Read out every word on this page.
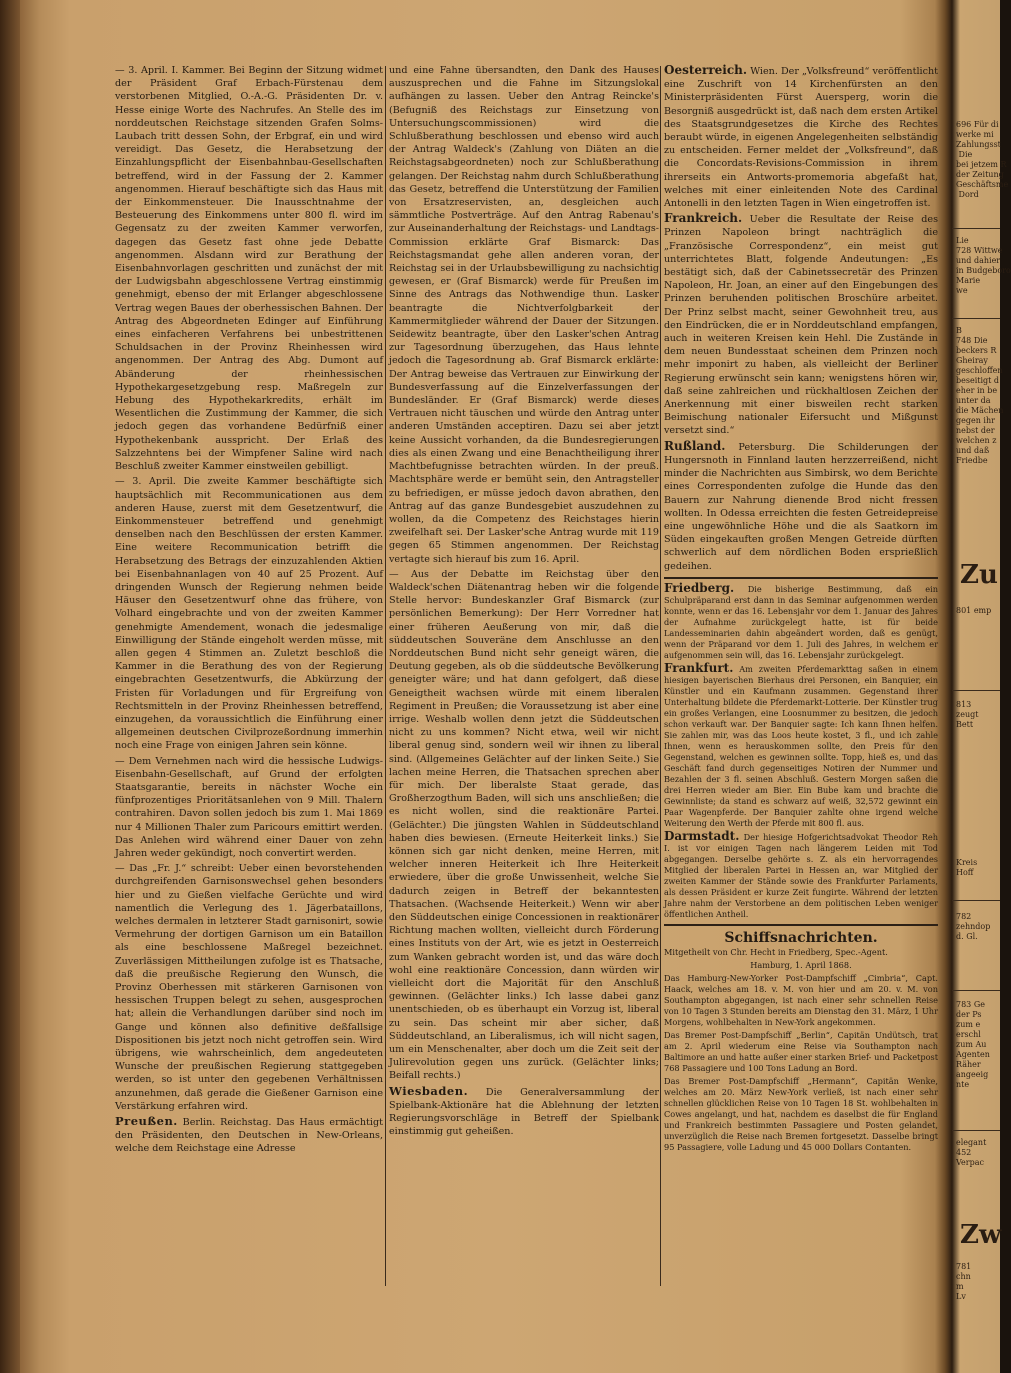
— 3. April. I. Kammer. Bei Beginn der Sitzung widmet der Präsident Graf Erbach-Fürstenau dem verstorbenen Mitglied, O.-A.-G. Präsidenten Dr. v. Hesse einige Worte des Nachrufes. An Stelle des im norddeutschen Reichstage sitzenden Grafen Solms-Laubach tritt dessen Sohn, der Erbgraf, ein und wird vereidigt. Das Gesetz, die Herabsetzung der Einzahlungspflicht der Eisenbahnbau-Gesellschaften betreffend, wird in der Fassung der 2. Kammer angenommen. Hierauf beschäftigte sich das Haus mit der Einkommensteuer. Die Inausschtnahme der Besteuerung des Einkommens unter 800 fl. wird im Gegensatz zu der zweiten Kammer verworfen, dagegen das Gesetz fast ohne jede Debatte angenommen. Alsdann wird zur Berathung der Eisenbahnvorlagen geschritten und zunächst der mit der Ludwigsbahn abgeschlossene Vertrag einstimmig genehmigt, ebenso der mit Erlanger abgeschlossene Vertrag wegen Baues der oberhessischen Bahnen. Der Antrag des Abgeordneten Edinger auf Einführung eines einfacheren Verfahrens bei unbestrittenen Schuldsachen in der Provinz Rheinhessen wird angenommen. Der Antrag des Abg. Dumont auf Abänderung der rheinhessischen Hypothekargesetzgebung resp. Maßregeln zur Hebung des Hypothekarkredits, erhält im Wesentlichen die Zustimmung der Kammer, die sich jedoch gegen das vorhandene Bedürfniß einer Hypothekenbank ausspricht. Der Erlaß des Salzzehntens bei der Wimpfener Saline wird nach Beschluß zweiter Kammer einstweilen gebilligt.

— 3. April. Die zweite Kammer beschäftigte sich hauptsächlich mit Recommunicationen aus dem anderen Hause, zuerst mit dem Gesetzentwurf, die Einkommensteuer betreffend und genehmigt denselben nach den Beschlüssen der ersten Kammer. Eine weitere Recommunication betrifft die Herabsetzung des Betrags der einzuzahlenden Aktien bei Eisenbahnanlagen von 40 auf 25 Prozent. Auf dringenden Wunsch der Regierung nehmen beide Häuser den Gesetzentwurf ohne das frühere, von Volhard eingebrachte und von der zweiten Kammer genehmigte Amendement, wonach die jedesmalige Einwilligung der Stände eingeholt werden müsse, mit allen gegen 4 Stimmen an. Zuletzt beschloß die Kammer in die Berathung des von der Regierung eingebrachten Gesetzentwurfs, die Abkürzung der Fristen für Vorladungen und für Ergreifung von Rechtsmitteln in der Provinz Rheinhessen betreffend, einzugehen, da voraussichtlich die Einführung einer allgemeinen deutschen Civilprozeßordnung immerhin noch eine Frage von einigen Jahren sein könne.

— Dem Vernehmen nach wird die hessische Ludwigs-Eisenbahn-Gesellschaft, auf Grund der erfolgten Staatsgarantie, bereits in nächster Woche ein fünfprozentiges Prioritätsanlehen von 9 Mill. Thalern contrahiren. Davon sollen jedoch bis zum 1. Mai 1869 nur 4 Millionen Thaler zum Paricours emittirt werden. Das Anlehen wird während einer Dauer von zehn Jahren weder gekündigt, noch convertirt werden.

— Das „Fr. J.“ schreibt: Ueber einen bevorstehenden durchgreifenden Garnisonswechsel gehen besonders hier und zu Gießen vielfache Gerüchte und wird namentlich die Verlegung des 1. Jägerbataillons, welches dermalen in letzterer Stadt garnisonirt, sowie Vermehrung der dortigen Garnison um ein Bataillon als eine beschlossene Maßregel bezeichnet. Zuverlässigen Mittheilungen zufolge ist es Thatsache, daß die preußische Regierung den Wunsch, die Provinz Oberhessen mit stärkeren Garnisonen von hessischen Truppen belegt zu sehen, ausgesprochen hat; allein die Verhandlungen darüber sind noch im Gange und können also definitive deßfallsige Dispositionen bis jetzt noch nicht getroffen sein. Wird übrigens, wie wahrscheinlich, dem angedeuteten Wunsche der preußischen Regierung stattgegeben werden, so ist unter den gegebenen Verhältnissen anzunehmen, daß gerade die Gießener Garnison eine Verstärkung erfahren wird.

Preußen. Berlin. Reichstag. Das Haus ermächtigt den Präsidenten, den Deutschen in New-Orleans, welche dem Reichstage eine Adresse

und eine Fahne übersandten, den Dank des Hauses auszusprechen und die Fahne im Sitzungslokal aufhängen zu lassen. Ueber den Antrag Reincke's (Befugniß des Reichstags zur Einsetzung von Untersuchungscommissionen) wird die Schlußberathung beschlossen und ebenso wird auch der Antrag Waldeck's (Zahlung von Diäten an die Reichstagsabgeordneten) noch zur Schlußberathung gelangen. Der Reichstag nahm durch Schlußberathung das Gesetz, betreffend die Unterstützung der Familien von Ersatzreservisten, an, desgleichen auch sämmtliche Postverträge. Auf den Antrag Rabenau's zur Auseinanderhaltung der Reichstags- und Landtags-Commission erklärte Graf Bismarck: Das Reichstagsmandat gehe allen anderen voran, der Reichstag sei in der Urlaubsbewilligung zu nachsichtig gewesen, er (Graf Bismarck) werde für Preußen im Sinne des Antrags das Nothwendige thun. Lasker beantragte die Nichtverfolgbarkeit der Kammermitglieder während der Dauer der Sitzungen. Seidewitz beantragte, über den Lasker'schen Antrag zur Tagesordnung überzugehen, das Haus lehnte jedoch die Tagesordnung ab. Graf Bismarck erklärte: Der Antrag beweise das Vertrauen zur Einwirkung der Bundesverfassung auf die Einzelverfassungen der Bundesländer. Er (Graf Bismarck) werde dieses Vertrauen nicht täuschen und würde den Antrag unter anderen Umständen acceptiren. Dazu sei aber jetzt keine Aussicht vorhanden, da die Bundesregierungen dies als einen Zwang und eine Benachtheiligung ihrer Machtbefugnisse betrachten würden. In der preuß. Machtsphäre werde er bemüht sein, den Antragsteller zu befriedigen, er müsse jedoch davon abrathen, den Antrag auf das ganze Bundesgebiet auszudehnen zu wollen, da die Competenz des Reichstages hierin zweifelhaft sei. Der Lasker'sche Antrag wurde mit 119 gegen 65 Stimmen angenommen. Der Reichstag vertagte sich hierauf bis zum 16. April.

— Aus der Debatte im Reichstag über den Waldeck'schen Diätenantrag heben wir die folgende Stelle hervor: Bundeskanzler Graf Bismarck (zur persönlichen Bemerkung): Der Herr Vorredner hat einer früheren Aeußerung von mir, daß die süddeutschen Souveräne dem Anschlusse an den Norddeutschen Bund nicht sehr geneigt wären, die Deutung gegeben, als ob die süddeutsche Bevölkerung geneigter wäre; und hat dann gefolgert, daß diese Geneigtheit wachsen würde mit einem liberalen Regiment in Preußen; die Voraussetzung ist aber eine irrige. Weshalb wollen denn jetzt die Süddeutschen nicht zu uns kommen? Nicht etwa, weil wir nicht liberal genug sind, sondern weil wir ihnen zu liberal sind. (Allgemeines Gelächter auf der linken Seite.) Sie lachen meine Herren, die Thatsachen sprechen aber für mich. Der liberalste Staat gerade, das Großherzogthum Baden, will sich uns anschließen; die es nicht wollen, sind die reaktionäre Partei. (Gelächter.) Die jüngsten Wahlen in Süddeutschland haben dies bewiesen. (Erneute Heiterkeit links.) Sie können sich gar nicht denken, meine Herren, mit welcher inneren Heiterkeit ich Ihre Heiterkeit erwiedere, über die große Unwissenheit, welche Sie dadurch zeigen in Betreff der bekanntesten Thatsachen. (Wachsende Heiterkeit.) Wenn wir aber den Süddeutschen einige Concessionen in reaktionärer Richtung machen wollten, vielleicht durch Förderung eines Instituts von der Art, wie es jetzt in Oesterreich zum Wanken gebracht worden ist, und das wäre doch wohl eine reaktionäre Concession, dann würden wir vielleicht dort die Majorität für den Anschluß gewinnen. (Gelächter links.) Ich lasse dabei ganz unentschieden, ob es überhaupt ein Vorzug ist, liberal zu sein. Das scheint mir aber sicher, daß Süddeutschland, an Liberalismus, ich will nicht sagen, um ein Menschenalter, aber doch um die Zeit seit der Julirevolution gegen uns zurück. (Gelächter links; Beifall rechts.)

Wiesbaden. Die Generalversammlung der Spielbank-Aktionäre hat die Ablehnung der letzten Regierungsvorschläge in Betreff der Spielbank einstimmig gut geheißen.

Oesterreich. Wien. Der „Volksfreund“ veröffentlicht eine Zuschrift von 14 Kirchenfürsten an den Ministerpräsidenten Fürst Auersperg, worin die Besorgniß ausgedrückt ist, daß nach dem ersten Artikel des Staatsgrundgesetzes die Kirche des Rechtes beraubt würde, in eigenen Angelegenheiten selbständig zu entscheiden. Ferner meldet der „Volksfreund“, daß die Concordats-Revisions-Commission in ihrem ihrerseits ein Antworts-promemoria abgefaßt hat, welches mit einer einleitenden Note des Cardinal Antonelli in den letzten Tagen in Wien eingetroffen ist.

Frankreich. Ueber die Resultate der Reise des Prinzen Napoleon bringt nachträglich die „Französische Correspondenz“, ein meist gut unterrichtetes Blatt, folgende Andeutungen: „Es bestätigt sich, daß der Cabinetssecretär des Prinzen Napoleon, Hr. Joan, an einer auf den Eingebungen des Prinzen beruhenden politischen Broschüre arbeitet. Der Prinz selbst macht, seiner Gewohnheit treu, aus den Eindrücken, die er in Norddeutschland empfangen, auch in weiteren Kreisen kein Hehl. Die Zustände in dem neuen Bundesstaat scheinen dem Prinzen noch mehr imponirt zu haben, als vielleicht der Berliner Regierung erwünscht sein kann; wenigstens hören wir, daß seine zahlreichen und rückhaltlosen Zeichen der Anerkennung mit einer bisweilen recht starken Beimischung nationaler Eifersucht und Mißgunst versetzt sind.“

Rußland. Petersburg. Die Schilderungen der Hungersnoth in Finnland lauten herzzerreißend, nicht minder die Nachrichten aus Simbirsk, wo dem Berichte eines Correspondenten zufolge die Hunde das den Bauern zur Nahrung dienende Brod nicht fressen wollten. In Odessa erreichten die festen Getreidepreise eine ungewöhnliche Höhe und die als Saatkorn im Süden eingekauften großen Mengen Getreide dürften schwerlich auf dem nördlichen Boden ersprießlich gedeihen.

Friedberg. Die bisherige Bestimmung, daß ein Schulpräparand erst dann in das Seminar aufgenommen werden konnte, wenn er das 16. Lebensjahr vor dem 1. Januar des Jahres der Aufnahme zurückgelegt hatte, ist für beide Landesseminarien dahin abgeändert worden, daß es genügt, wenn der Präparand vor dem 1. Juli des Jahres, in welchem er aufgenommen sein will, das 16. Lebensjahr zurückgelegt.

Frankfurt. Am zweiten Pferdemarkttag saßen in einem hiesigen bayerischen Bierhaus drei Personen, ein Banquier, ein Künstler und ein Kaufmann zusammen. Gegenstand ihrer Unterhaltung bildete die Pferdemarkt-Lotterie. Der Künstler trug ein großes Verlangen, eine Loosnummer zu besitzen, die jedoch schon verkauft war. Der Banquier sagte: Ich kann Ihnen helfen. Sie zahlen mir, was das Loos heute kostet, 3 fl., und ich zahle Ihnen, wenn es herauskommen sollte, den Preis für den Gegenstand, welchen es gewinnen sollte. Topp, hieß es, und das Geschäft fand durch gegenseitiges Notiren der Nummer und Bezahlen der 3 fl. seinen Abschluß. Gestern Morgen saßen die drei Herren wieder am Bier. Ein Bube kam und brachte die Gewinnliste; da stand es schwarz auf weiß, 32,572 gewinnt ein Paar Wagenpferde. Der Banquier zahlte ohne irgend welche Weiterung den Werth der Pferde mit 800 fl. aus.

Darmstadt. Der hiesige Hofgerichtsadvokat Theodor Reh I. ist vor einigen Tagen nach längerem Leiden mit Tod abgegangen. Derselbe gehörte s. Z. als ein hervorragendes Mitglied der liberalen Partei in Hessen an, war Mitglied der zweiten Kammer der Stände sowie des Frankfurter Parlaments, als dessen Präsident er kurze Zeit fungirte. Während der letzten Jahre nahm der Verstorbene an dem politischen Leben weniger öffentlichen Antheil.

Schiffsnachrichten.

Mitgetheilt von Chr. Hecht in Friedberg, Spec.-Agent.

Hamburg, 1. April 1868.

Das Hamburg-New-Yorker Post-Dampfschiff „Cimbria“, Capt. Haack, welches am 18. v. M. von hier und am 20. v. M. von Southampton abgegangen, ist nach einer sehr schnellen Reise von 10 Tagen 3 Stunden bereits am Dienstag den 31. März, 1 Uhr Morgens, wohlbehalten in New-York angekommen.

Das Bremer Post-Dampfschiff „Berlin“, Capitän Undütsch, trat am 2. April wiederum eine Reise via Southampton nach Baltimore an und hatte außer einer starken Brief- und Packetpost 768 Passagiere und 100 Tons Ladung an Bord.

Das Bremer Post-Dampfschiff „Hermann“, Capitän Wenke, welches am 20. März New-York verließ, ist nach einer sehr schnellen glücklichen Reise von 10 Tagen 18 St. wohlbehalten in Cowes angelangt, und hat, nachdem es daselbst die für England und Frankreich bestimmten Passagiere und Posten gelandet, unverzüglich die Reise nach Bremen fortgesetzt. Dasselbe bringt 95 Passagiere, volle Ladung und 45 000 Dollars Contanten.

696 Für di
werke mi
Zahlungsst
Die
bei jetzem R
der Zeitung
Geschäftsme
Dord
Lie
728 Wittwe
und dahier
in Budgeboro
Marie
we
B
748 Die
beckers R
Gheiray
geschloffen
beseitigt d
eher in be
unter da
die Mächen
gegen ihr
nebst der
welchen z
und daß
Friedbe
Zu
801 emp
813
zeugt
Bett
Kreis
Hoff
782
zehndop
d. Gl.
783 Ge
der Ps
zum e
erschl
zum Au
Agenten
Räher
angeeig
nte
elegant
452
Verpac
Zw
781
chn
m
Lv
